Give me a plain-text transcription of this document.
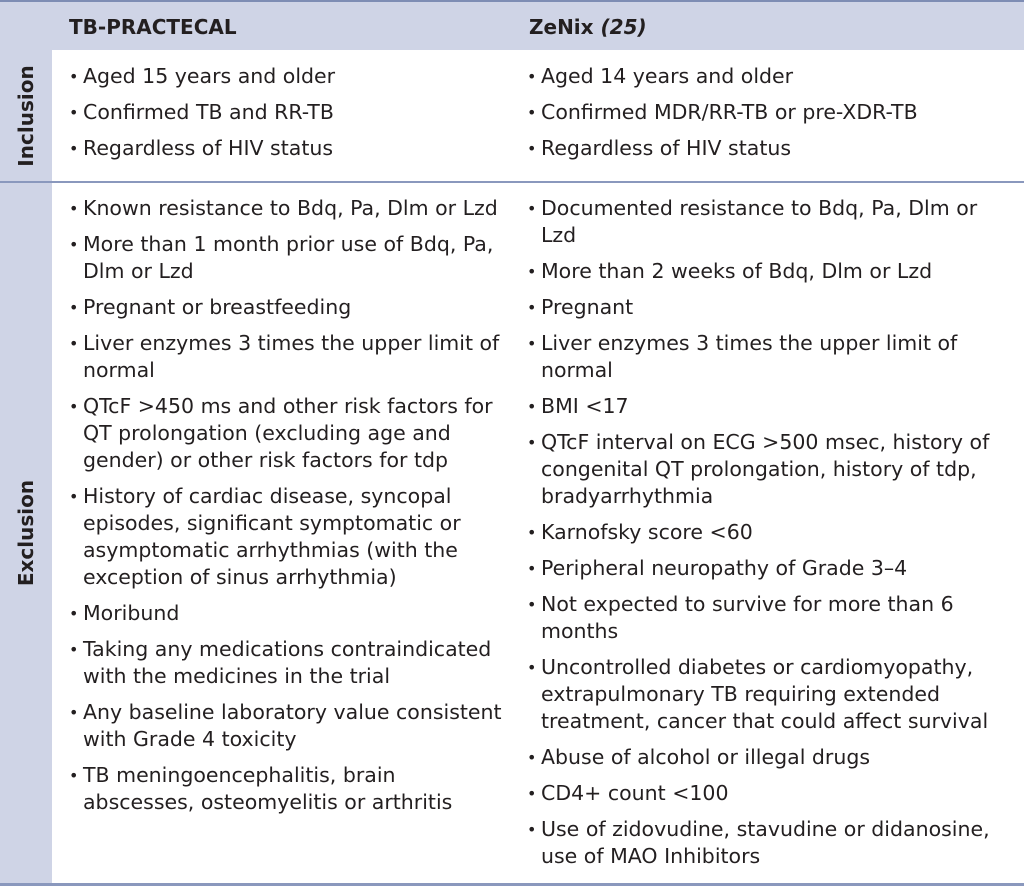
TB-PRACTECAL	ZeNix (25)
Inclusion
Exclusion
• Aged 15 years and older
• Confirmed TB and RR-TB
• Regardless of HIV status
• Aged 14 years and older
• Confirmed MDR/RR-TB or pre-XDR-TB
• Regardless of HIV status
• Known resistance to Bdq, Pa, Dlm or Lzd
• More than 1 month prior use of Bdq, Pa, Dlm or Lzd
• Pregnant or breastfeeding
• Liver enzymes 3 times the upper limit of normal
• QTcF >450 ms and other risk factors for QT prolongation (excluding age and gender) or other risk factors for tdp
• History of cardiac disease, syncopal episodes, significant symptomatic or asymptomatic arrhythmias (with the exception of sinus arrhythmia)
• Moribund
• Taking any medications contraindicated with the medicines in the trial
• Any baseline laboratory value consistent with Grade 4 toxicity
• TB meningoencephalitis, brain abscesses, osteomyelitis or arthritis
• Documented resistance to Bdq, Pa, Dlm or Lzd
• More than 2 weeks of Bdq, Dlm or Lzd
• Pregnant
• Liver enzymes 3 times the upper limit of normal
• BMI <17
• QTcF interval on ECG >500 msec, history of congenital QT prolongation, history of tdp, bradyarrhythmia
• Karnofsky score <60
• Peripheral neuropathy of Grade 3–4
• Not expected to survive for more than 6 months
• Uncontrolled diabetes or cardiomyopathy, extrapulmonary TB requiring extended treatment, cancer that could affect survival
• Abuse of alcohol or illegal drugs
• CD4+ count <100
• Use of zidovudine, stavudine or didanosine, use of MAO Inhibitors
